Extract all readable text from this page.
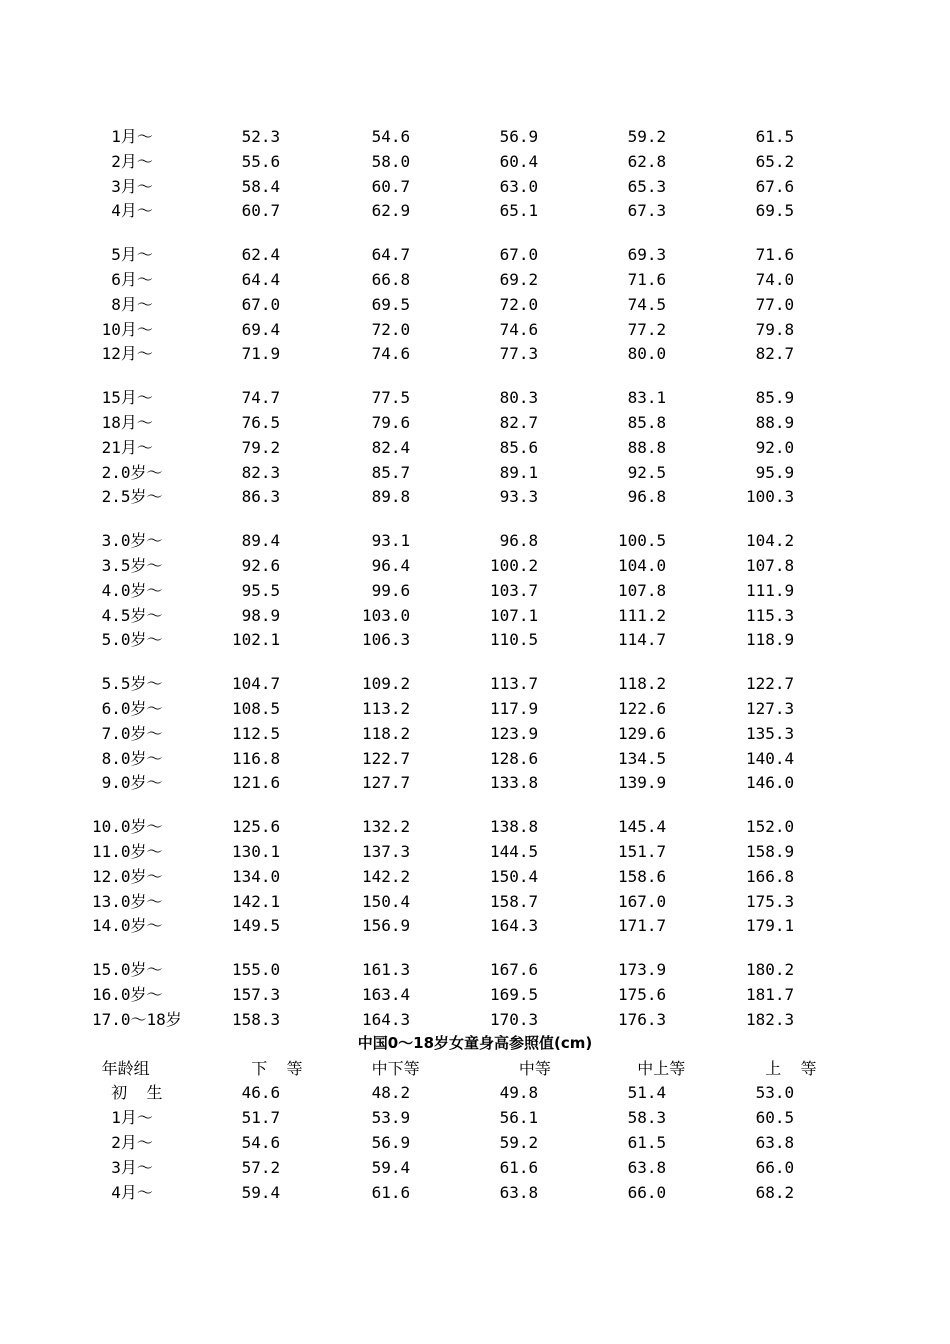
1月～	52.3	54.6	56.9	59.2	61.5
2月～	55.6	58.0	60.4	62.8	65.2
3月～	58.4	60.7	63.0	65.3	67.6
4月～	60.7	62.9	65.1	67.3	69.5
5月～	62.4	64.7	67.0	69.3	71.6
6月～	64.4	66.8	69.2	71.6	74.0
8月～	67.0	69.5	72.0	74.5	77.0
10月～	69.4	72.0	74.6	77.2	79.8
12月～	71.9	74.6	77.3	80.0	82.7
15月～	74.7	77.5	80.3	83.1	85.9
18月～	76.5	79.6	82.7	85.8	88.9
21月～	79.2	82.4	85.6	88.8	92.0
2.0岁～	82.3	85.7	89.1	92.5	95.9
2.5岁～	86.3	89.8	93.3	96.8	100.3
3.0岁～	89.4	93.1	96.8	100.5	104.2
3.5岁～	92.6	96.4	100.2	104.0	107.8
4.0岁～	95.5	99.6	103.7	107.8	111.9
4.5岁～	98.9	103.0	107.1	111.2	115.3
5.0岁～	102.1	106.3	110.5	114.7	118.9
5.5岁～	104.7	109.2	113.7	118.2	122.7
6.0岁～	108.5	113.2	117.9	122.6	127.3
7.0岁～	112.5	118.2	123.9	129.6	135.3
8.0岁～	116.8	122.7	128.6	134.5	140.4
9.0岁～	121.6	127.7	133.8	139.9	146.0
10.0岁～	125.6	132.2	138.8	145.4	152.0
11.0岁～	130.1	137.3	144.5	151.7	158.9
12.0岁～	134.0	142.2	150.4	158.6	166.8
13.0岁～	142.1	150.4	158.7	167.0	175.3
14.0岁～	149.5	156.9	164.3	171.7	179.1
15.0岁～	155.0	161.3	167.6	173.9	180.2
16.0岁～	157.3	163.4	169.5	175.6	181.7
17.0～18岁	158.3	164.3	170.3	176.3	182.3
中国0～18岁女童身高参照值(cm)
年龄组	下  等	中下等	中等	中上等	上  等
初  生	46.6	48.2	49.8	51.4	53.0
1月～	51.7	53.9	56.1	58.3	60.5
2月～	54.6	56.9	59.2	61.5	63.8
3月～	57.2	59.4	61.6	63.8	66.0
4月～	59.4	61.6	63.8	66.0	68.2
